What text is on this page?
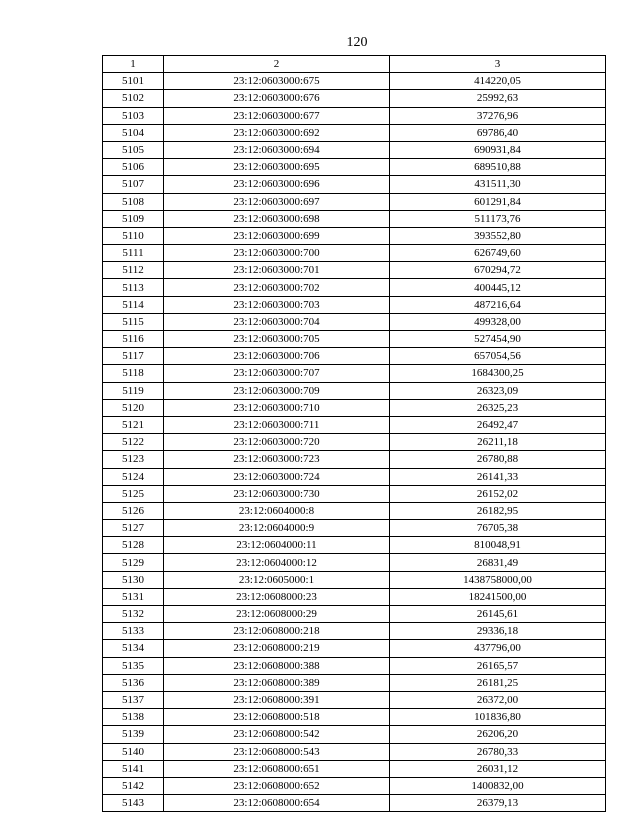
120
1	2	3
5101	23:12:0603000:675	414220,05
5102	23:12:0603000:676	25992,63
5103	23:12:0603000:677	37276,96
5104	23:12:0603000:692	69786,40
5105	23:12:0603000:694	690931,84
5106	23:12:0603000:695	689510,88
5107	23:12:0603000:696	431511,30
5108	23:12:0603000:697	601291,84
5109	23:12:0603000:698	511173,76
5110	23:12:0603000:699	393552,80
5111	23:12:0603000:700	626749,60
5112	23:12:0603000:701	670294,72
5113	23:12:0603000:702	400445,12
5114	23:12:0603000:703	487216,64
5115	23:12:0603000:704	499328,00
5116	23:12:0603000:705	527454,90
5117	23:12:0603000:706	657054,56
5118	23:12:0603000:707	1684300,25
5119	23:12:0603000:709	26323,09
5120	23:12:0603000:710	26325,23
5121	23:12:0603000:711	26492,47
5122	23:12:0603000:720	26211,18
5123	23:12:0603000:723	26780,88
5124	23:12:0603000:724	26141,33
5125	23:12:0603000:730	26152,02
5126	23:12:0604000:8	26182,95
5127	23:12:0604000:9	76705,38
5128	23:12:0604000:11	810048,91
5129	23:12:0604000:12	26831,49
5130	23:12:0605000:1	1438758000,00
5131	23:12:0608000:23	18241500,00
5132	23:12:0608000:29	26145,61
5133	23:12:0608000:218	29336,18
5134	23:12:0608000:219	437796,00
5135	23:12:0608000:388	26165,57
5136	23:12:0608000:389	26181,25
5137	23:12:0608000:391	26372,00
5138	23:12:0608000:518	101836,80
5139	23:12:0608000:542	26206,20
5140	23:12:0608000:543	26780,33
5141	23:12:0608000:651	26031,12
5142	23:12:0608000:652	1400832,00
5143	23:12:0608000:654	26379,13
